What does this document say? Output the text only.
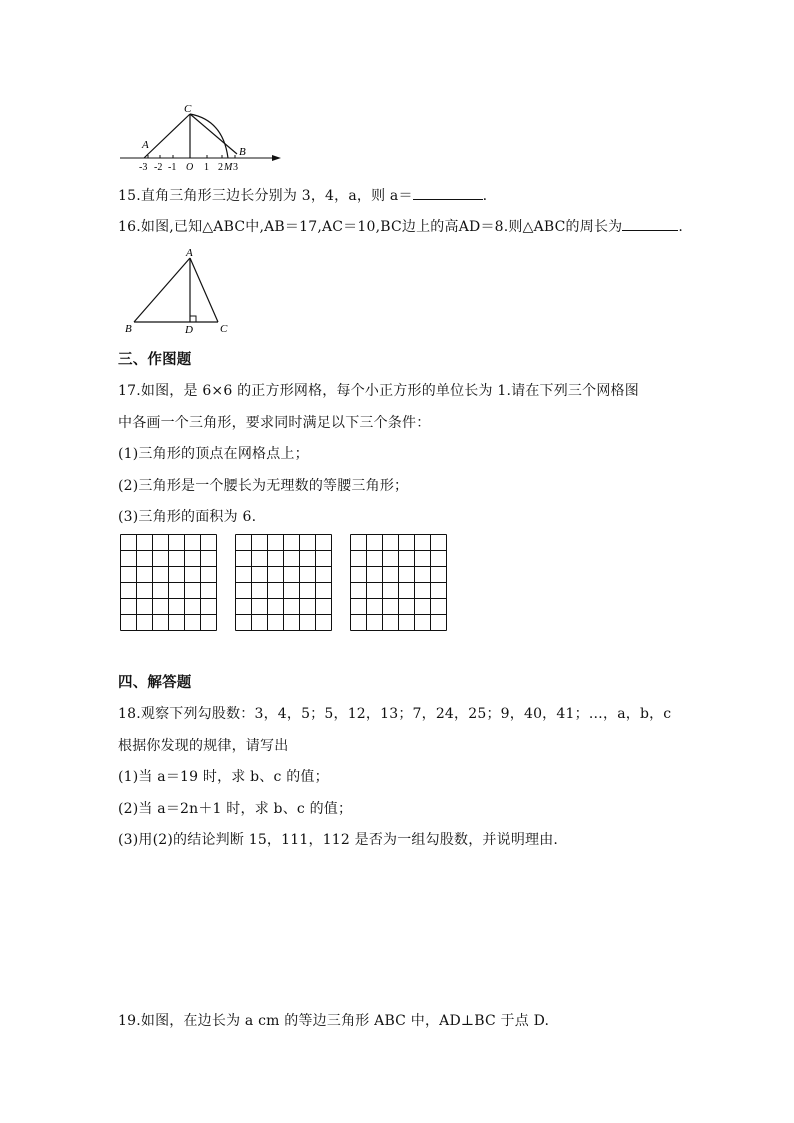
C
A
B
-3 -2 -1 O 1 2 M 3
15.直角三角形三边长分别为 3，4，a，则 a＝	.
16.如图,已知△ABC中,AB＝17,AC＝10,BC边上的高AD＝8.则△ABC的周长为	.
A
B	D C
三、作图题
17.如图，是 6×6 的正方形网格，每个小正方形的单位长为 1.请在下列三个网格图
中各画一个三角形，要求同时满足以下三个条件：
(1)三角形的顶点在网格点上；
(2)三角形是一个腰长为无理数的等腰三角形；
(3)三角形的面积为 6.
四、解答题
18.观察下列勾股数：3，4，5；5，12，13；7，24，25；9，40，41；…，a，b，c
根据你发现的规律，请写出
(1)当 a＝19 时，求 b、c 的值；
(2)当 a＝2n＋1 时，求 b、c 的值；
(3)用(2)的结论判断 15，111，112 是否为一组勾股数，并说明理由.
19.如图，在边长为 a cm 的等边三角形 ABC 中，AD⊥BC 于点 D.
